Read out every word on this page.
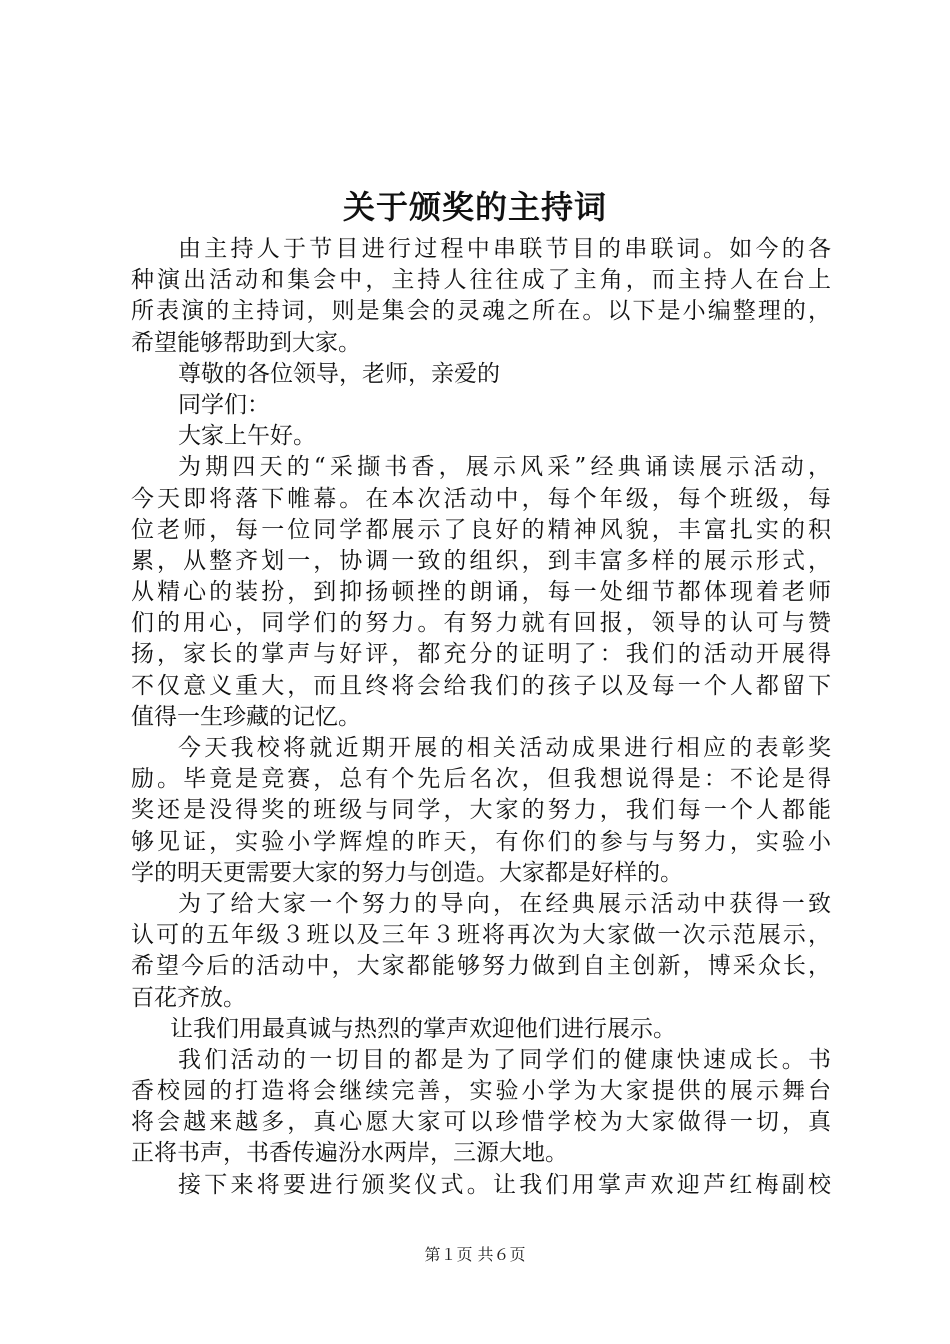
关于颁奖的主持词
由主持人于节目进行过程中串联节目的串联词。如今的各
种演出活动和集会中，主持人往往成了主角，而主持人在台上
所表演的主持词，则是集会的灵魂之所在。以下是小编整理的，
希望能够帮助到大家。
尊敬的各位领导，老师，亲爱的
同学们：
大家上午好。
为期四天的“采撷书香，展示风采”经典诵读展示活动，
今天即将落下帷幕。在本次活动中，每个年级，每个班级，每
位老师，每一位同学都展示了良好的精神风貌，丰富扎实的积
累，从整齐划一，协调一致的组织，到丰富多样的展示形式，
从精心的装扮，到抑扬顿挫的朗诵，每一处细节都体现着老师
们的用心，同学们的努力。有努力就有回报，领导的认可与赞
扬，家长的掌声与好评，都充分的证明了：我们的活动开展得
不仅意义重大，而且终将会给我们的孩子以及每一个人都留下
值得一生珍藏的记忆。
今天我校将就近期开展的相关活动成果进行相应的表彰奖
励。毕竟是竞赛，总有个先后名次，但我想说得是：不论是得
奖还是没得奖的班级与同学，大家的努力，我们每一个人都能
够见证，实验小学辉煌的昨天，有你们的参与与努力，实验小
学的明天更需要大家的努力与创造。大家都是好样的。
为了给大家一个努力的导向，在经典展示活动中获得一致
认可的五年级３班以及三年３班将再次为大家做一次示范展示，
希望今后的活动中，大家都能够努力做到自主创新，博采众长，
百花齐放。
让我们用最真诚与热烈的掌声欢迎他们进行展示。
我们活动的一切目的都是为了同学们的健康快速成长。书
香校园的打造将会继续完善，实验小学为大家提供的展示舞台
将会越来越多，真心愿大家可以珍惜学校为大家做得一切，真
正将书声，书香传遍汾水两岸，三源大地。
接下来将要进行颁奖仪式。让我们用掌声欢迎芦红梅副校
第１页 共６页
